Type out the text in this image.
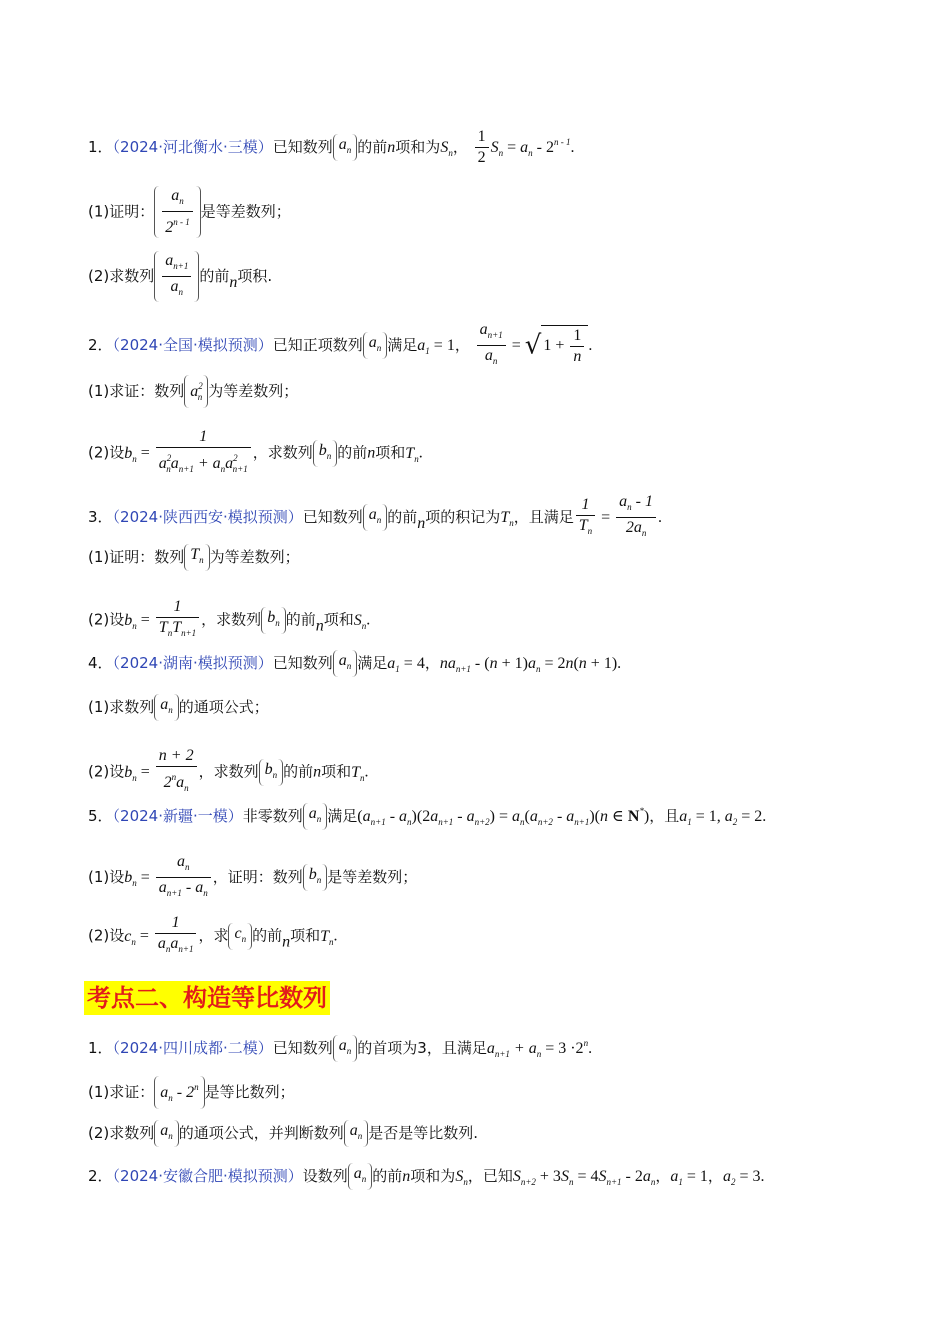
1．（2024·河北衡水·三模）已知数列 $a_n$ 的前n项和为$S_n$， $\frac{1}{2} S_n = a_n - 2^{n - 1}$.
(1)证明： $\frac{a_n}{2^{n - 1}}$ 是等差数列；
(2)求数列 $\frac{a_{n+1}}{a_n}$ 的前n项积.
2．（2024·全国·模拟预测）已知正项数列 $a_n$ 满足$a_1 = 1$， $\frac{a_{n+1}}{a_n}$ = √ $1 + \frac{1}{n}$ .
(1)求证：数列 $a^2_n$ 为等差数列；
(2)设$b_n = \frac{1}{a^2_na_{n+1} + a_na^2_{n+1}}$ ，求数列 $b_n$ 的前n项和$T_n$.
3．（2024·陕西西安·模拟预测）已知数列 $a_n$ 的前n项的积记为$T_n$，且满足 $\frac{1}{T_n} = \frac{a_n - 1}{2a_n}$ .
(1)证明：数列 $T_n$ 为等差数列；
(2)设$b_n = \frac{1}{T_nT_{n+1}}$ ，求数列 $b_n$ 的前n项和$S_n$.
4．（2024·湖南·模拟预测）已知数列 $a_n$ 满足$a_1 = 4$，$na_{n+1} - (n + 1)a_n = 2n(n + 1)$.
(1)求数列 $a_n$ 的通项公式；
(2)设$b_n = \frac{n + 2}{2^na_n}$ ，求数列 $b_n$ 的前n项和$T_n$.
5．（2024·新疆·一模）非零数列 $a_n$ 满足$(a_{n+1} - a_n)(2a_{n+1} - a_{n+2}) = a_n(a_{n+2} - a_{n+1})(n$ ∈ N*)，且$a_1 = 1$, $a_2 = 2$.
(1)设$b_n = \frac{a_n}{a_{n+1} - a_n}$ ，证明：数列 $b_n$ 是等差数列；
(2)设$c_n = \frac{1}{a_na_{n+1}}$ ，求 $c_n$ 的前n项和$T_n$.
考点二、构造等比数列
1．（2024·四川成都·二模）已知数列 $a_n$ 的首项为3，且满足$a_{n+1} + a_n = 3 \cdot 2^n$.
(1)求证： $a_n - 2^n$ 是等比数列；
(2)求数列 $a_n$ 的通项公式，并判断数列 $a_n$ 是否是等比数列.
2．（2024·安徽合肥·模拟预测）设数列 $a_n$ 的前n项和为$S_n$，已知$S_{n+2} + 3S_n = 4S_{n+1} - 2a_n$，$a_1 = 1$，$a_2 = 3$.
